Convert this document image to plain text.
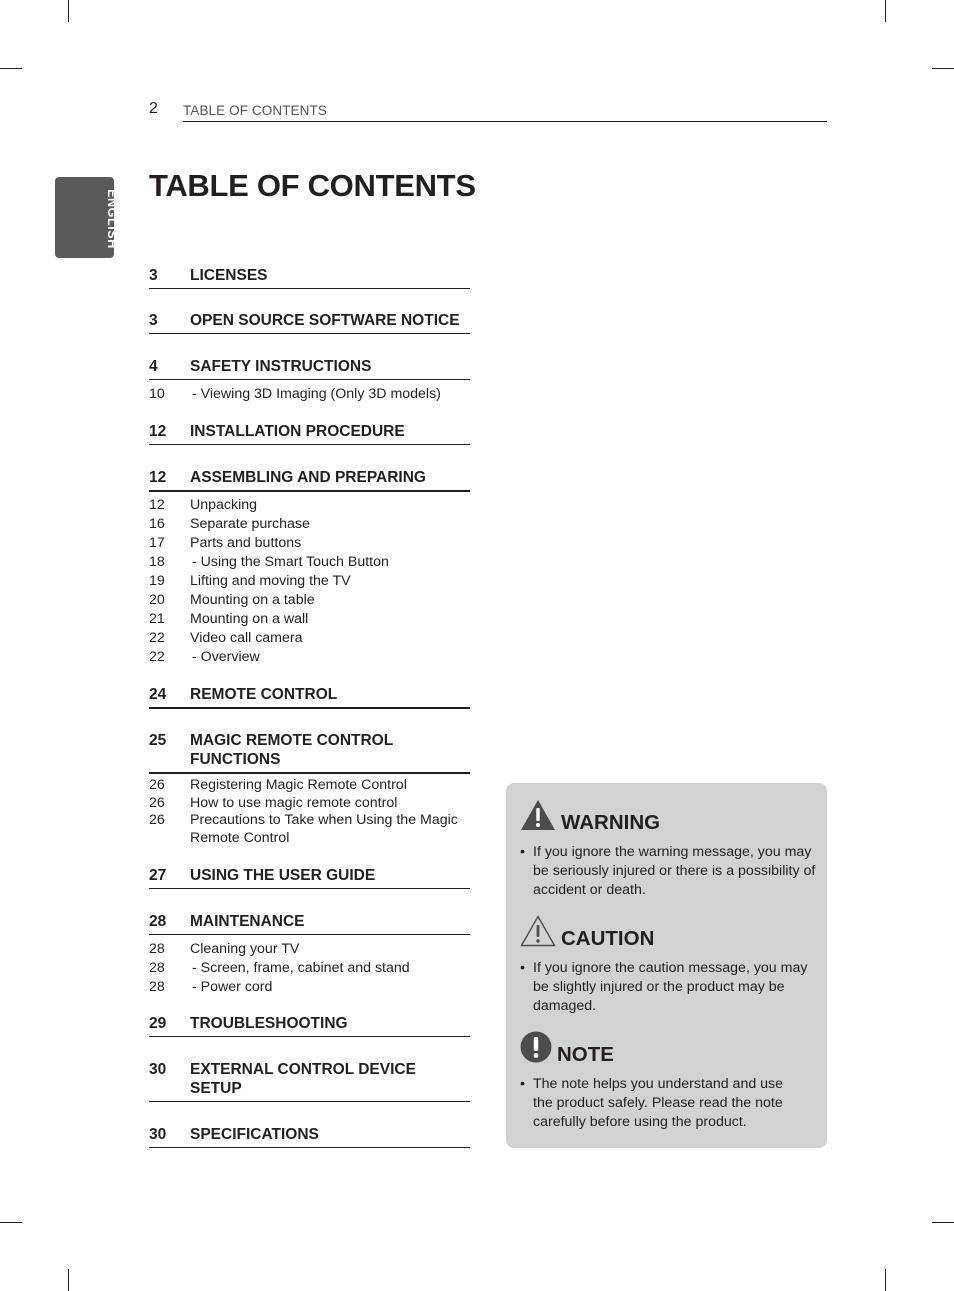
2 TABLE OF CONTENTS
ENGLISH
TABLE OF CONTENTS
3 LICENSES
3 OPEN SOURCE SOFTWARE NOTICE
4 SAFETY INSTRUCTIONS
10 - Viewing 3D Imaging (Only 3D models)
12 INSTALLATION PROCEDURE
12 ASSEMBLING AND PREPARING
12 Unpacking
16 Separate purchase
17 Parts and buttons
18 - Using the Smart Touch Button
19 Lifting and moving the TV
20 Mounting on a table
21 Mounting on a wall
22 Video call camera
22 - Overview
24 REMOTE CONTROL
25 MAGIC REMOTE CONTROL FUNCTIONS
26 Registering Magic Remote Control
26 How to use magic remote control
26 Precautions to Take when Using the Magic Remote Control
27 USING THE USER GUIDE
28 MAINTENANCE
28 Cleaning your TV
28 - Screen, frame, cabinet and stand
28 - Power cord
29 TROUBLESHOOTING
30 EXTERNAL CONTROL DEVICE SETUP
30 SPECIFICATIONS
WARNING
• If you ignore the warning message, you may be seriously injured or there is a possibility of accident or death.
CAUTION
• If you ignore the caution message, you may be slightly injured or the product may be damaged.
NOTE
• The note helps you understand and use the product safely. Please read the note carefully before using the product.
